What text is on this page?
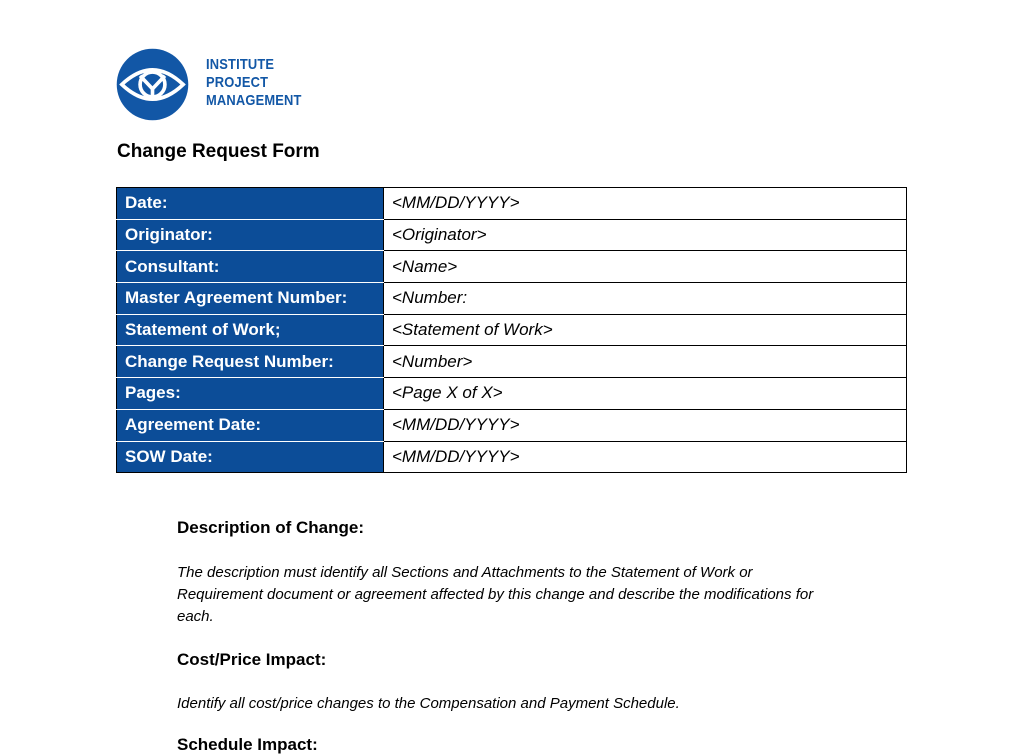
INSTITUTE
PROJECT
MANAGEMENT
Change Request Form
Date:	<MM/DD/YYYY>
Originator:	<Originator>
Consultant:	<Name>
Master Agreement Number:	<Number:
Statement of Work;	<Statement of Work>
Change Request Number:	<Number>
Pages:	<Page X of X>
Agreement Date:	<MM/DD/YYYY>
SOW Date:	<MM/DD/YYYY>
Description of Change:
The description must identify all Sections and Attachments to the Statement of Work or
Requirement document or agreement affected by this change and describe the modifications for
each.
Cost/Price Impact:
Identify all cost/price changes to the Compensation and Payment Schedule.
Schedule Impact:
